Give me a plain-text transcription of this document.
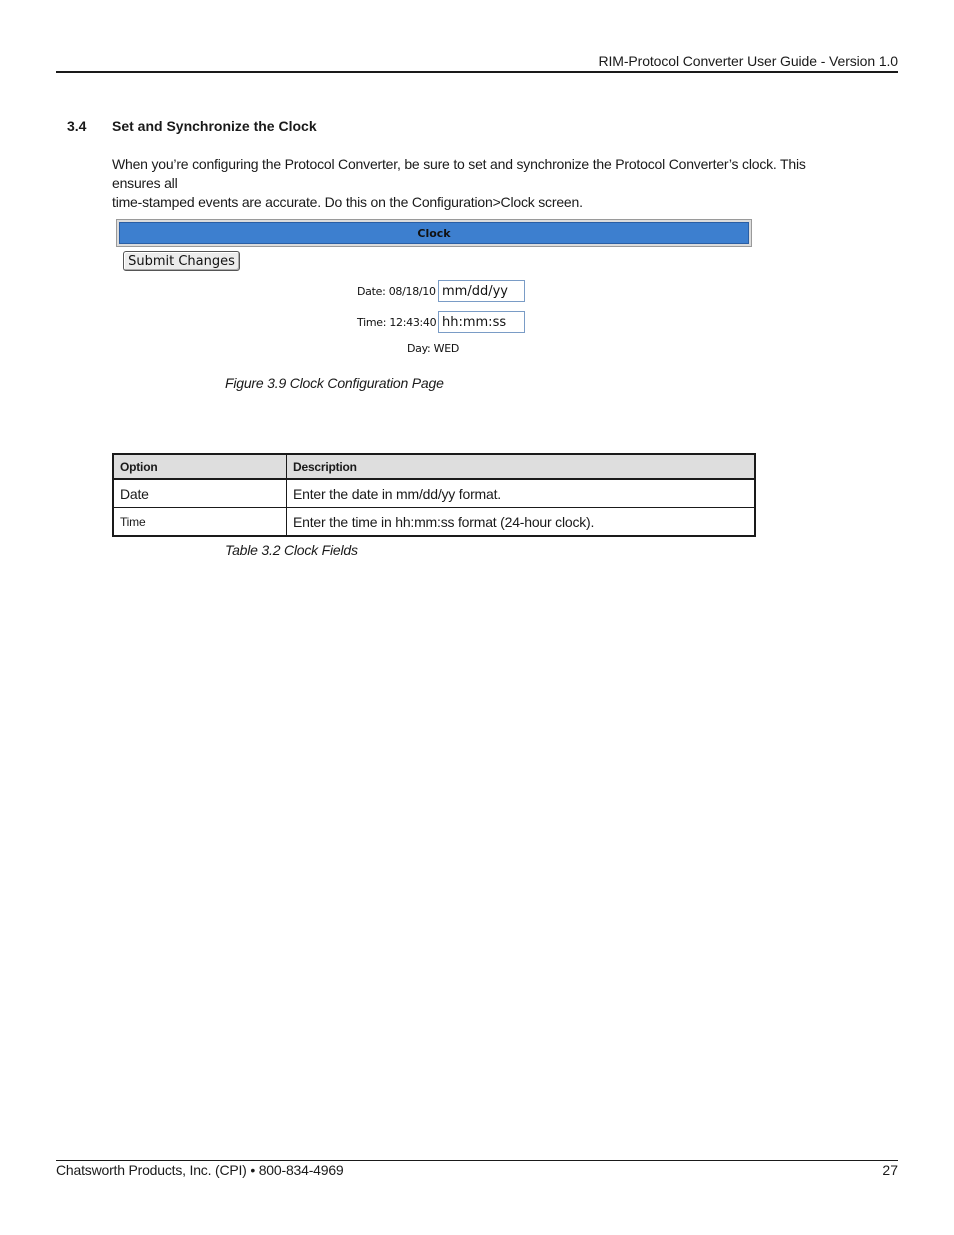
RIM-Protocol Converter User Guide - Version 1.0
3.4 Set and Synchronize the Clock

When you’re configuring the Protocol Converter, be sure to set and synchronize the Protocol Converter’s clock. This ensures all

time-stamped events are accurate. Do this on the Configuration>Clock screen.

Clock
Submit Changes
Date: 08/18/10
mm/dd/yy
Time: 12:43:40
hh:mm:ss
Day: WED
Figure 3.9 Clock Configuration Page
Option	Description
Date	Enter the date in mm/dd/yy format.
Time	Enter the time in hh:mm:ss format (24-hour clock).
Table 3.2 Clock Fields
Chatsworth Products, Inc. (CPI) • 800-834-4969	27
